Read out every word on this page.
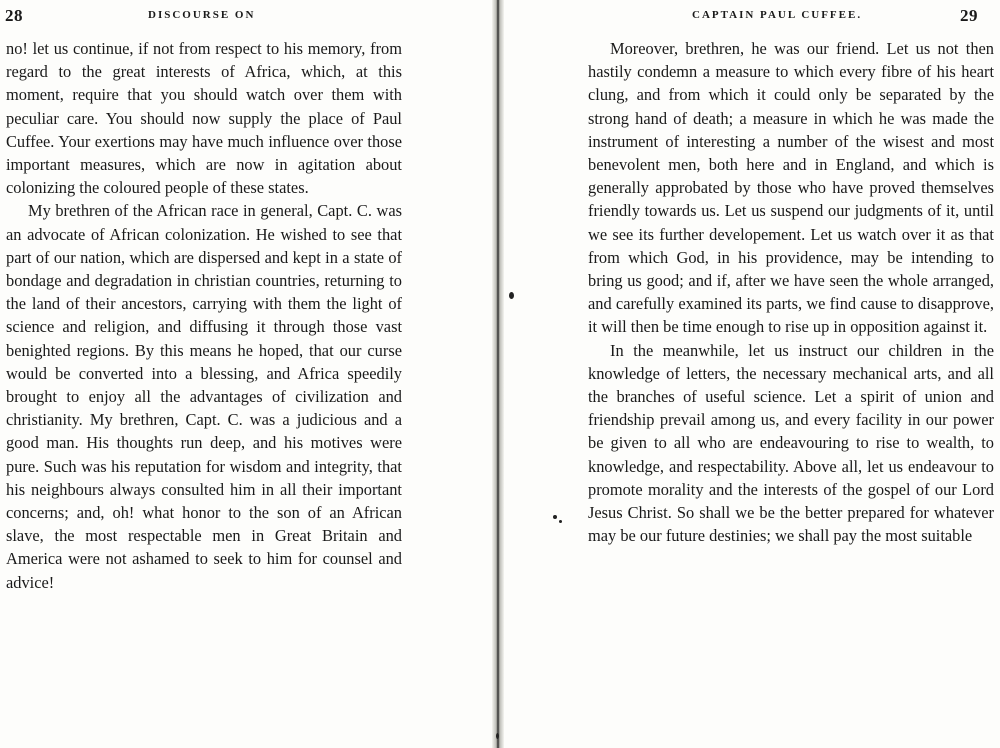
28	DISCOURSE ON

no! let us continue, if not from respect to his memory, from regard to the great interests of Africa, which, at this moment, require that you should watch over them with peculiar care. You should now supply the place of Paul Cuffee. Your exertions may have much influence over those important measures, which are now in agitation about colonizing the coloured people of these states.

My brethren of the African race in general, Capt. C. was an advocate of African colonization. He wished to see that part of our nation, which are dispersed and kept in a state of bondage and degradation in christian countries, returning to the land of their ancestors, carrying with them the light of science and religion, and diffusing it through those vast benighted regions. By this means he hoped, that our curse would be converted into a blessing, and Africa speedily brought to enjoy all the advantages of civilization and christianity. My brethren, Capt. C. was a judicious and a good man. His thoughts run deep, and his motives were pure. Such was his reputation for wisdom and integrity, that his neighbours always consulted him in all their important concerns; and, oh! what honor to the son of an African slave, the most respectable men in Great Britain and America were not ashamed to seek to him for counsel and advice!

CAPTAIN PAUL CUFFEE.	29

Moreover, brethren, he was our friend. Let us not then hastily condemn a measure to which every fibre of his heart clung, and from which it could only be separated by the strong hand of death; a measure in which he was made the instrument of interesting a number of the wisest and most benevolent men, both here and in England, and which is generally approbated by those who have proved themselves friendly towards us. Let us suspend our judgments of it, until we see its further developement. Let us watch over it as that from which God, in his providence, may be intending to bring us good; and if, after we have seen the whole arranged, and carefully examined its parts, we find cause to disapprove, it will then be time enough to rise up in opposition against it.

In the meanwhile, let us instruct our children in the knowledge of letters, the necessary mechanical arts, and all the branches of useful science. Let a spirit of union and friendship prevail among us, and every facility in our power be given to all who are endeavouring to rise to wealth, to knowledge, and respectability. Above all, let us endeavour to promote morality and the interests of the gospel of our Lord Jesus Christ. So shall we be the better prepared for whatever may be our future destinies; we shall pay the most suitable
